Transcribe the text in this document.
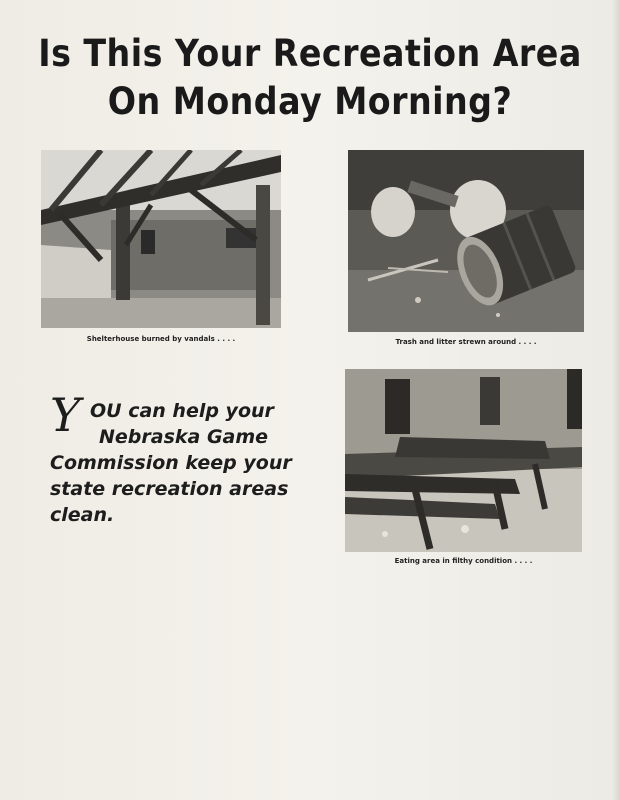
Is This Your Recreation Area
On Monday Morning?
Shelterhouse burned by vandals . . . .	Trash and litter strewn around . . . .
Eating area in filthy condition . . . .
Y OU can help your
Nebraska Game
Commission keep your
state recreation areas
clean.
